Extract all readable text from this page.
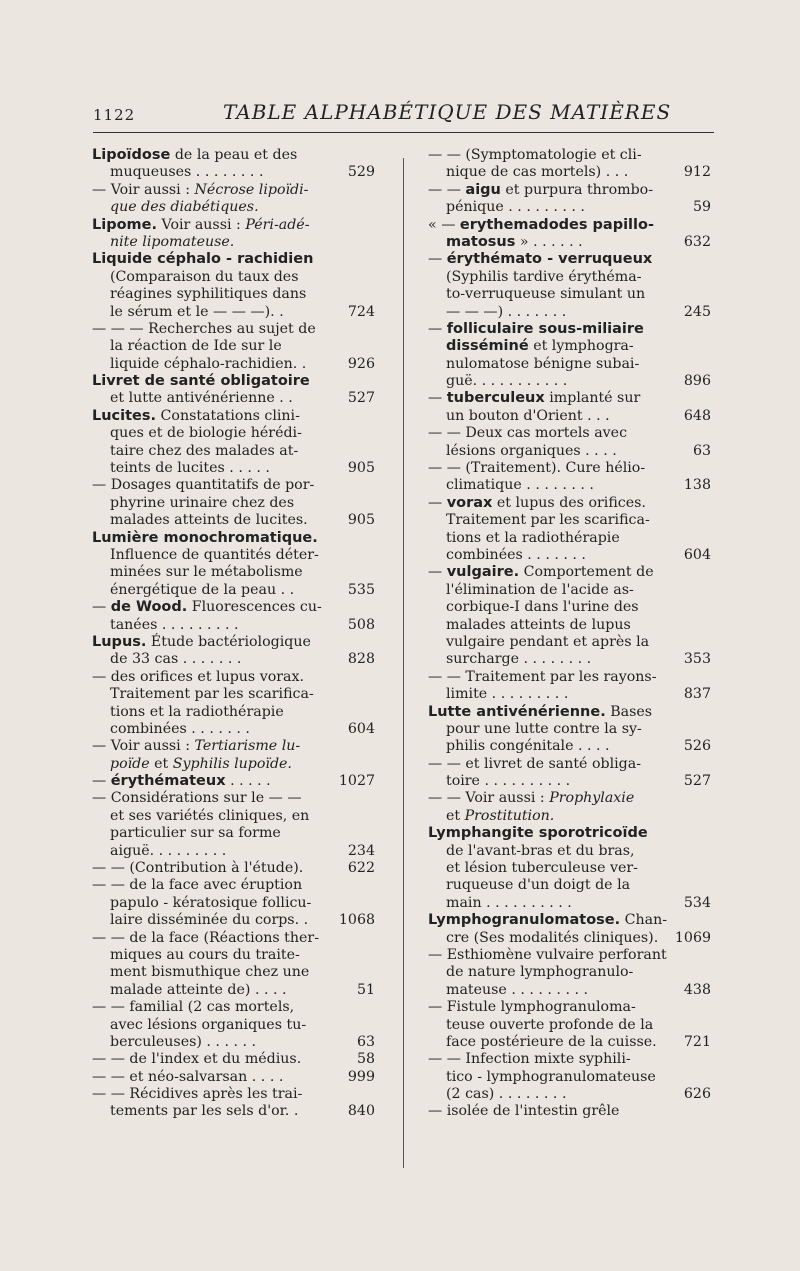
1122	TABLE ALPHABÉTIQUE DES MATIÈRES
Lipoïdose de la peau et des
muqueuses . . . . . . . .	529
— Voir aussi : Nécrose lipoïdi-
que des diabétiques.
Lipome. Voir aussi : Péri-adé-
nite lipomateuse.
Liquide céphalo - rachidien
(Comparaison du taux des
réagines syphilitiques dans
le sérum et le — — —). .	724
— — — Recherches au sujet de
la réaction de Ide sur le
liquide céphalo-rachidien. .	926
Livret de santé obligatoire
et lutte antivénérienne . .	527
Lucites. Constatations clini-
ques et de biologie hérédi-
taire chez des malades at-
teints de lucites . . . . .	905
— Dosages quantitatifs de por-
phyrine urinaire chez des
malades atteints de lucites.	905
Lumière monochromatique.
Influence de quantités déter-
minées sur le métabolisme
énergétique de la peau . .	535
— de Wood. Fluorescences cu-
tanées . . . . . . . . .	508
Lupus. Étude bactériologique
de 33 cas . . . . . . .	828
— des orifices et lupus vorax.
Traitement par les scarifica-
tions et la radiothérapie
combinées . . . . . . .	604
— Voir aussi : Tertiarisme lu-
poïde et Syphilis lupoïde.
— érythémateux . . . . .	1027
— Considérations sur le — —
et ses variétés cliniques, en
particulier sur sa forme
aiguë. . . . . . . . .	234
— — (Contribution à l'étude).	622
— — de la face avec éruption
papulo - kératosique follicu-
laire disséminée du corps. . 1068
— — de la face (Réactions ther-
miques au cours du traite-
ment bismuthique chez une
malade atteinte de) . . . .	51
— — familial (2 cas mortels,
avec lésions organiques tu-
berculeuses) . . . . . .	63
— — de l'index et du médius.	58
— — et néo-salvarsan . . . .	999
— — Récidives après les trai-
tements par les sels d'or. .	840
— — (Symptomatologie et cli-
nique de cas mortels) . . .	912
— — aigu et purpura thrombo-
pénique . . . . . . . . .	59
« — erythemadodes papillo-
matosus » . . . . . .	632
— érythémato - verruqueux
(Syphilis tardive érythéma-
to-verruqueuse simulant un
— — —) . . . . . . .	245
— folliculaire sous-miliaire
disséminé et lymphogra-
nulomatose bénigne subai-
guë. . . . . . . . . . .	896
— tuberculeux implanté sur
un bouton d'Orient . . .	648
— — Deux cas mortels avec
lésions organiques . . . .	63
— — (Traitement). Cure hélio-
climatique . . . . . . . .	138
— vorax et lupus des orifices.
Traitement par les scarifica-
tions et la radiothérapie
combinées . . . . . . .	604
— vulgaire. Comportement de
l'élimination de l'acide as-
corbique-I dans l'urine des
malades atteints de lupus
vulgaire pendant et après la
surcharge . . . . . . . .	353
— — Traitement par les rayons-
limite . . . . . . . . .	837
Lutte antivénérienne. Bases
pour une lutte contre la sy-
philis congénitale . . . .	526
— — et livret de santé obliga-
toire . . . . . . . . . .	527
— — Voir aussi : Prophylaxie
et Prostitution.
Lymphangite sporotricoïde
de l'avant-bras et du bras,
et lésion tuberculeuse ver-
ruqueuse d'un doigt de la
main . . . . . . . . . .	534
Lymphogranulomatose. Chan-
cre (Ses modalités cliniques). 1069
— Esthiomène vulvaire perforant
de nature lymphogranulo-
mateuse . . . . . . . . .	438
— Fistule lymphogranuloma-
teuse ouverte profonde de la
face postérieure de la cuisse. 721
— — Infection mixte syphili-
tico - lymphogranulomateuse
(2 cas) . . . . . . . .	626
— isolée de l'intestin grêle
